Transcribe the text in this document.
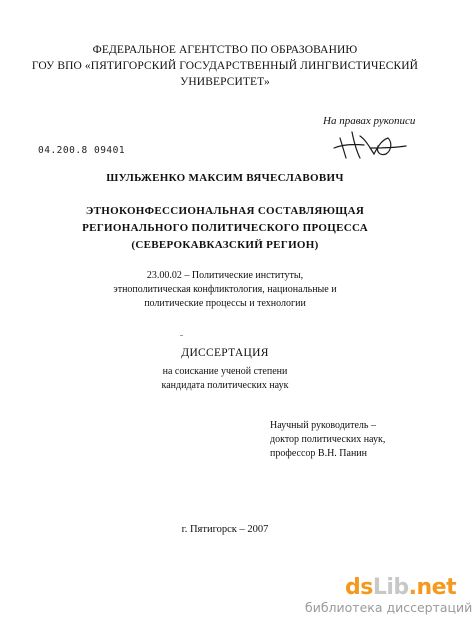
ФЕДЕРАЛЬНОЕ АГЕНТСТВО ПО ОБРАЗОВАНИЮ
ГОУ ВПО «ПЯТИГОРСКИЙ ГОСУДАРСТВЕННЫЙ ЛИНГВИСТИЧЕСКИЙ
УНИВЕРСИТЕТ»
На правах рукописи
04.200.8 09401
ШУЛЬЖЕНКО МАКСИМ ВЯЧЕСЛАВОВИЧ
ЭТНОКОНФЕССИОНАЛЬНАЯ СОСТАВЛЯЮЩАЯ
РЕГИОНАЛЬНОГО ПОЛИТИЧЕСКОГО ПРОЦЕССА
(СЕВЕРОКАВКАЗСКИЙ РЕГИОН)
23.00.02 – Политические институты,
этнополитическая конфликтология, национальные и
политические процессы и технологии
ДИССЕРТАЦИЯ
на соискание ученой степени
кандидата политических наук
Научный руководитель –
доктор политических наук,
профессор В.Н. Панин
г. Пятигорск – 2007
dsLib.net
библиотека диссертаций
